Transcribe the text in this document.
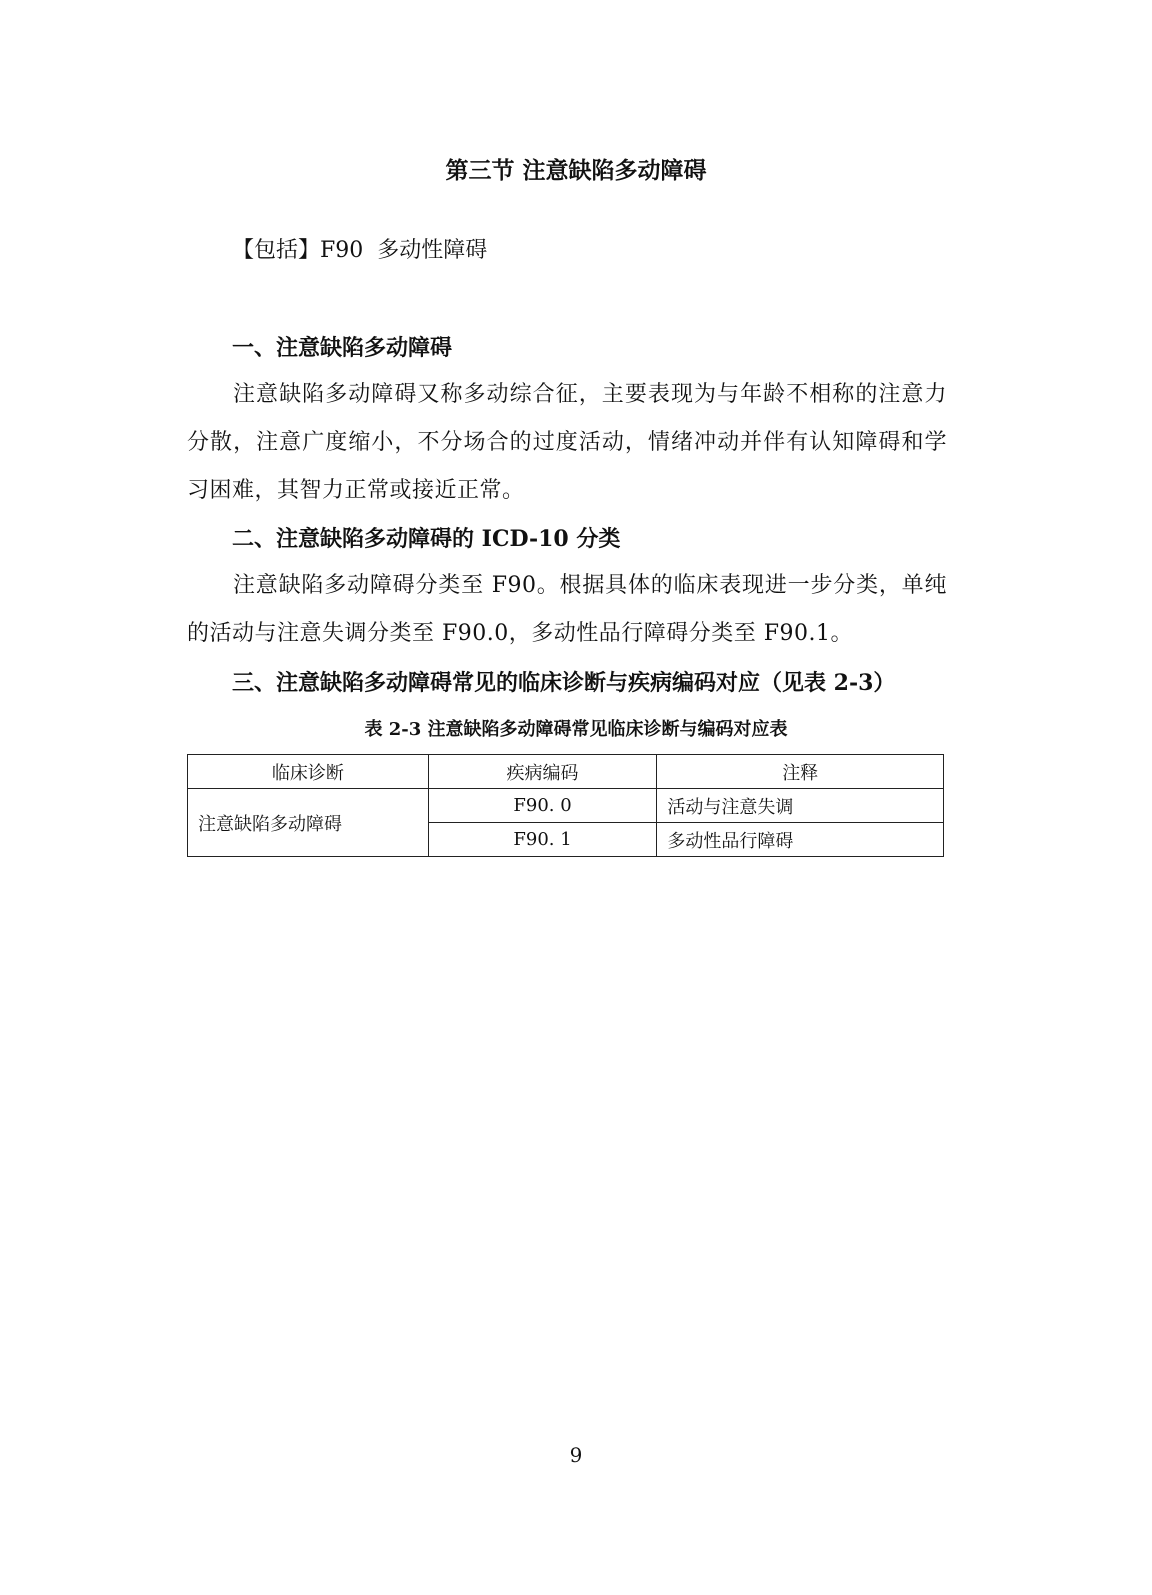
第三节 注意缺陷多动障碍
【包括】F90 多动性障碍
一、注意缺陷多动障碍
注意缺陷多动障碍又称多动综合征，主要表现为与年龄不相称的注意力分散，注意广度缩小，不分场合的过度活动，情绪冲动并伴有认知障碍和学习困难，其智力正常或接近正常。
二、注意缺陷多动障碍的 ICD-10 分类
注意缺陷多动障碍分类至 F90。根据具体的临床表现进一步分类，单纯的活动与注意失调分类至 F90.0，多动性品行障碍分类至 F90.1。
三、注意缺陷多动障碍常见的临床诊断与疾病编码对应（见表 2-3）
表 2-3 注意缺陷多动障碍常见临床诊断与编码对应表
临床诊断	疾病编码	注释
注意缺陷多动障碍	F90. 0	活动与注意失调
	F90. 1	多动性品行障碍
9
